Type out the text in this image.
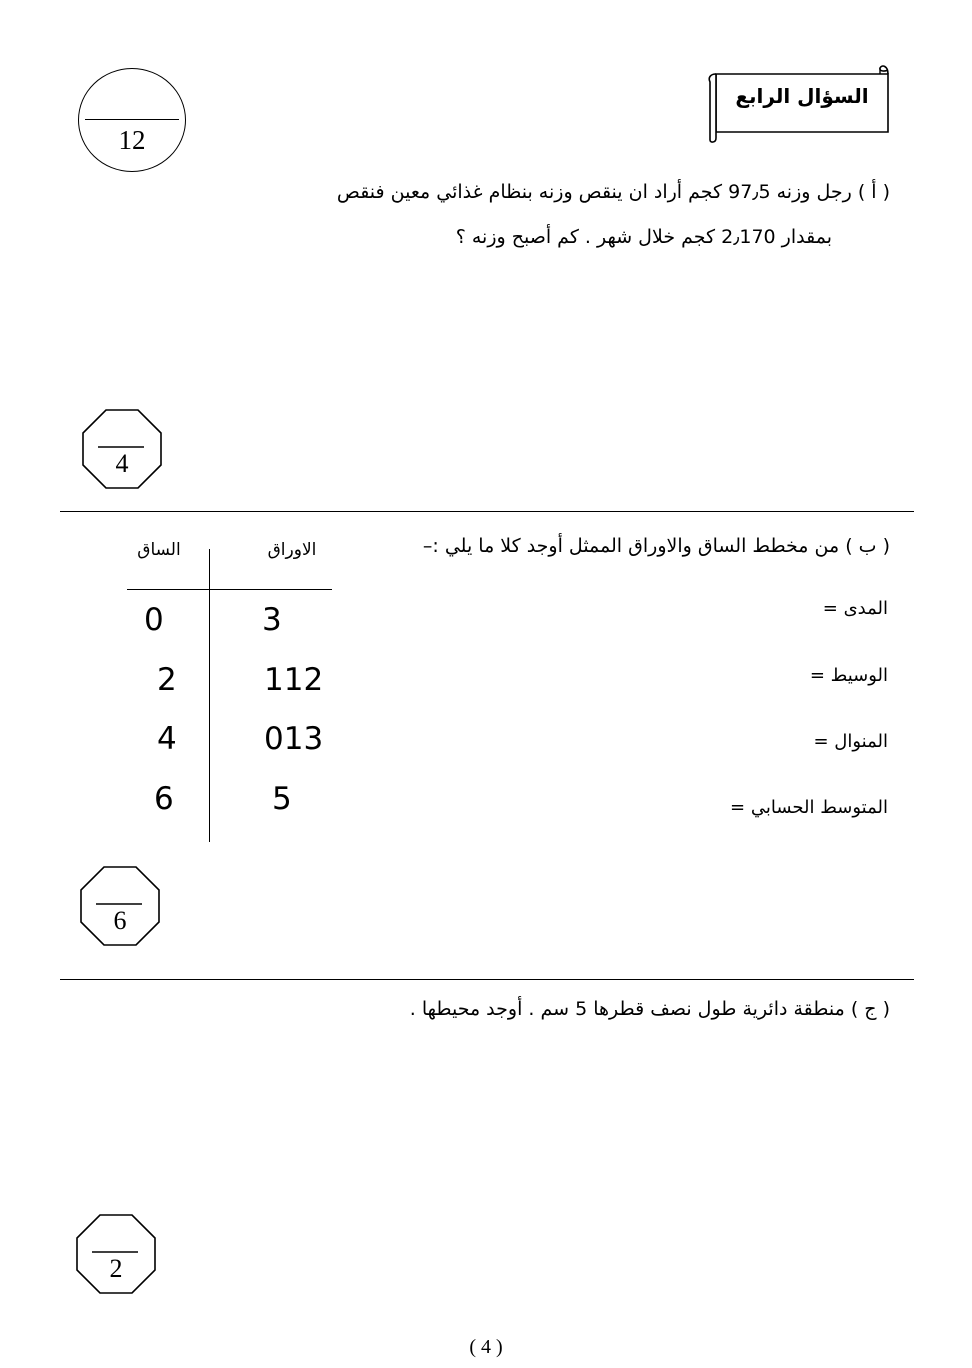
السؤال الرابع
12
( أ ) رجل وزنه 97٫5 كجم أراد ان ينقص وزنه بنظام غذائي معين فنقص
بمقدار 2٫170 كجم خلال شهر . كم أصبح وزنه ؟
4
( ب ) من مخطط الساق والاوراق الممثل أوجد كلا ما يلي :–
الساق	الاوراق
0	3
2	112
4	013
6	5
المدى =
الوسيط =
المنوال =
المتوسط الحسابي =
6
( ج ) منطقة دائرية طول نصف قطرها 5 سم . أوجد محيطها .
2
( 4 )
